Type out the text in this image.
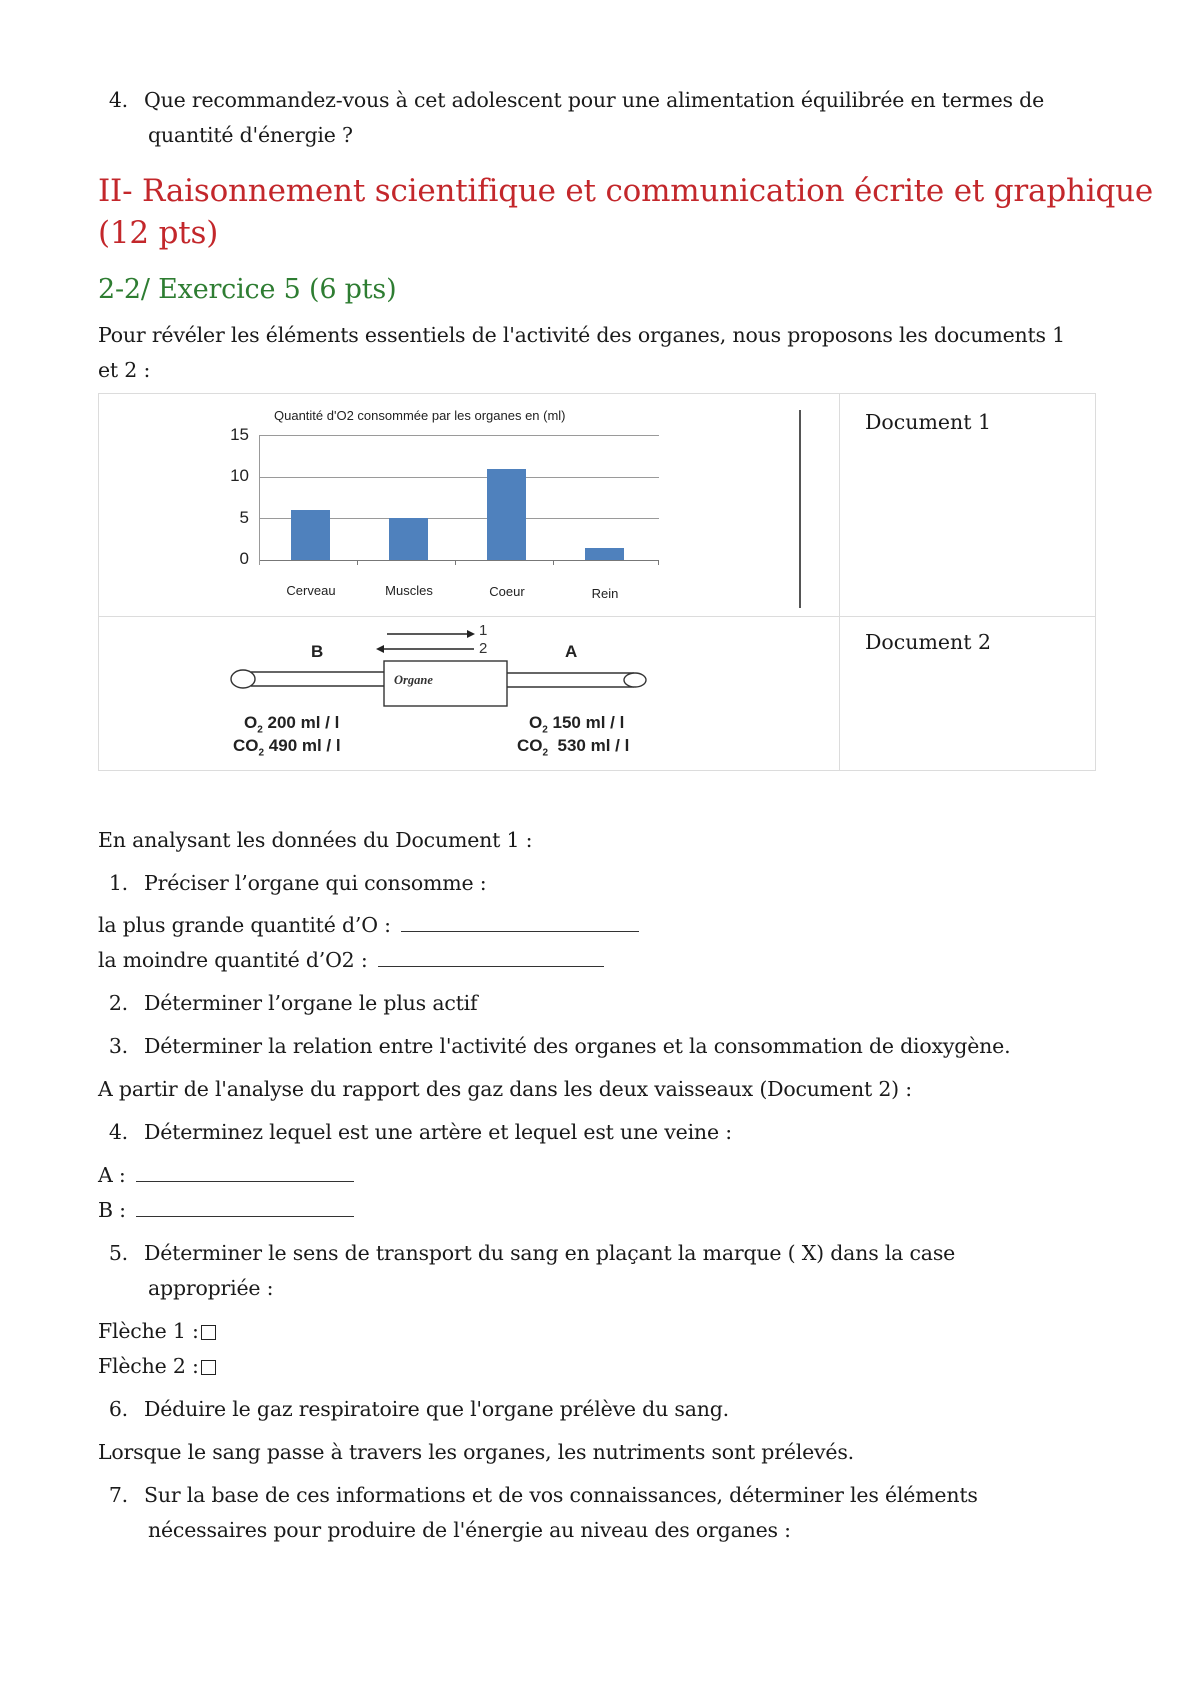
4. Que recommandez-vous à cet adolescent pour une alimentation équilibrée en termes de
quantité d'énergie ?
II- Raisonnement scientifique et communication écrite et graphique
(12 pts)
2-2/ Exercice 5 (6 pts)
Pour révéler les éléments essentiels de l'activité des organes, nous proposons les documents 1
et 2 :
Document 1
Document 2
Quantité d'O2 consommée par les organes en (ml)
15
10
5
0
Cerveau	Muscles	Coeur	Rein
1
2
B	A
Organe
$O_2$ 200 ml / l
$CO_2$ 490 ml / l
$O_2$ 150 ml / l
$CO_2$  530 ml / l
En analysant les données du Document 1 :
1. Préciser l’organe qui consomme :
la plus grande quantité d’O :
la moindre quantité d’O2 :
2. Déterminer l’organe le plus actif
3. Déterminer la relation entre l'activité des organes et la consommation de dioxygène.
A partir de l'analyse du rapport des gaz dans les deux vaisseaux (Document 2) :
4. Déterminez lequel est une artère et lequel est une veine :
A :
B :
5. Déterminer le sens de transport du sang en plaçant la marque ( X) dans la case
appropriée :
Flèche 1 :
Flèche 2 :
6. Déduire le gaz respiratoire que l'organe prélève du sang.
Lorsque le sang passe à travers les organes, les nutriments sont prélevés.
7. Sur la base de ces informations et de vos connaissances, déterminer les éléments
nécessaires pour produire de l'énergie au niveau des organes :
